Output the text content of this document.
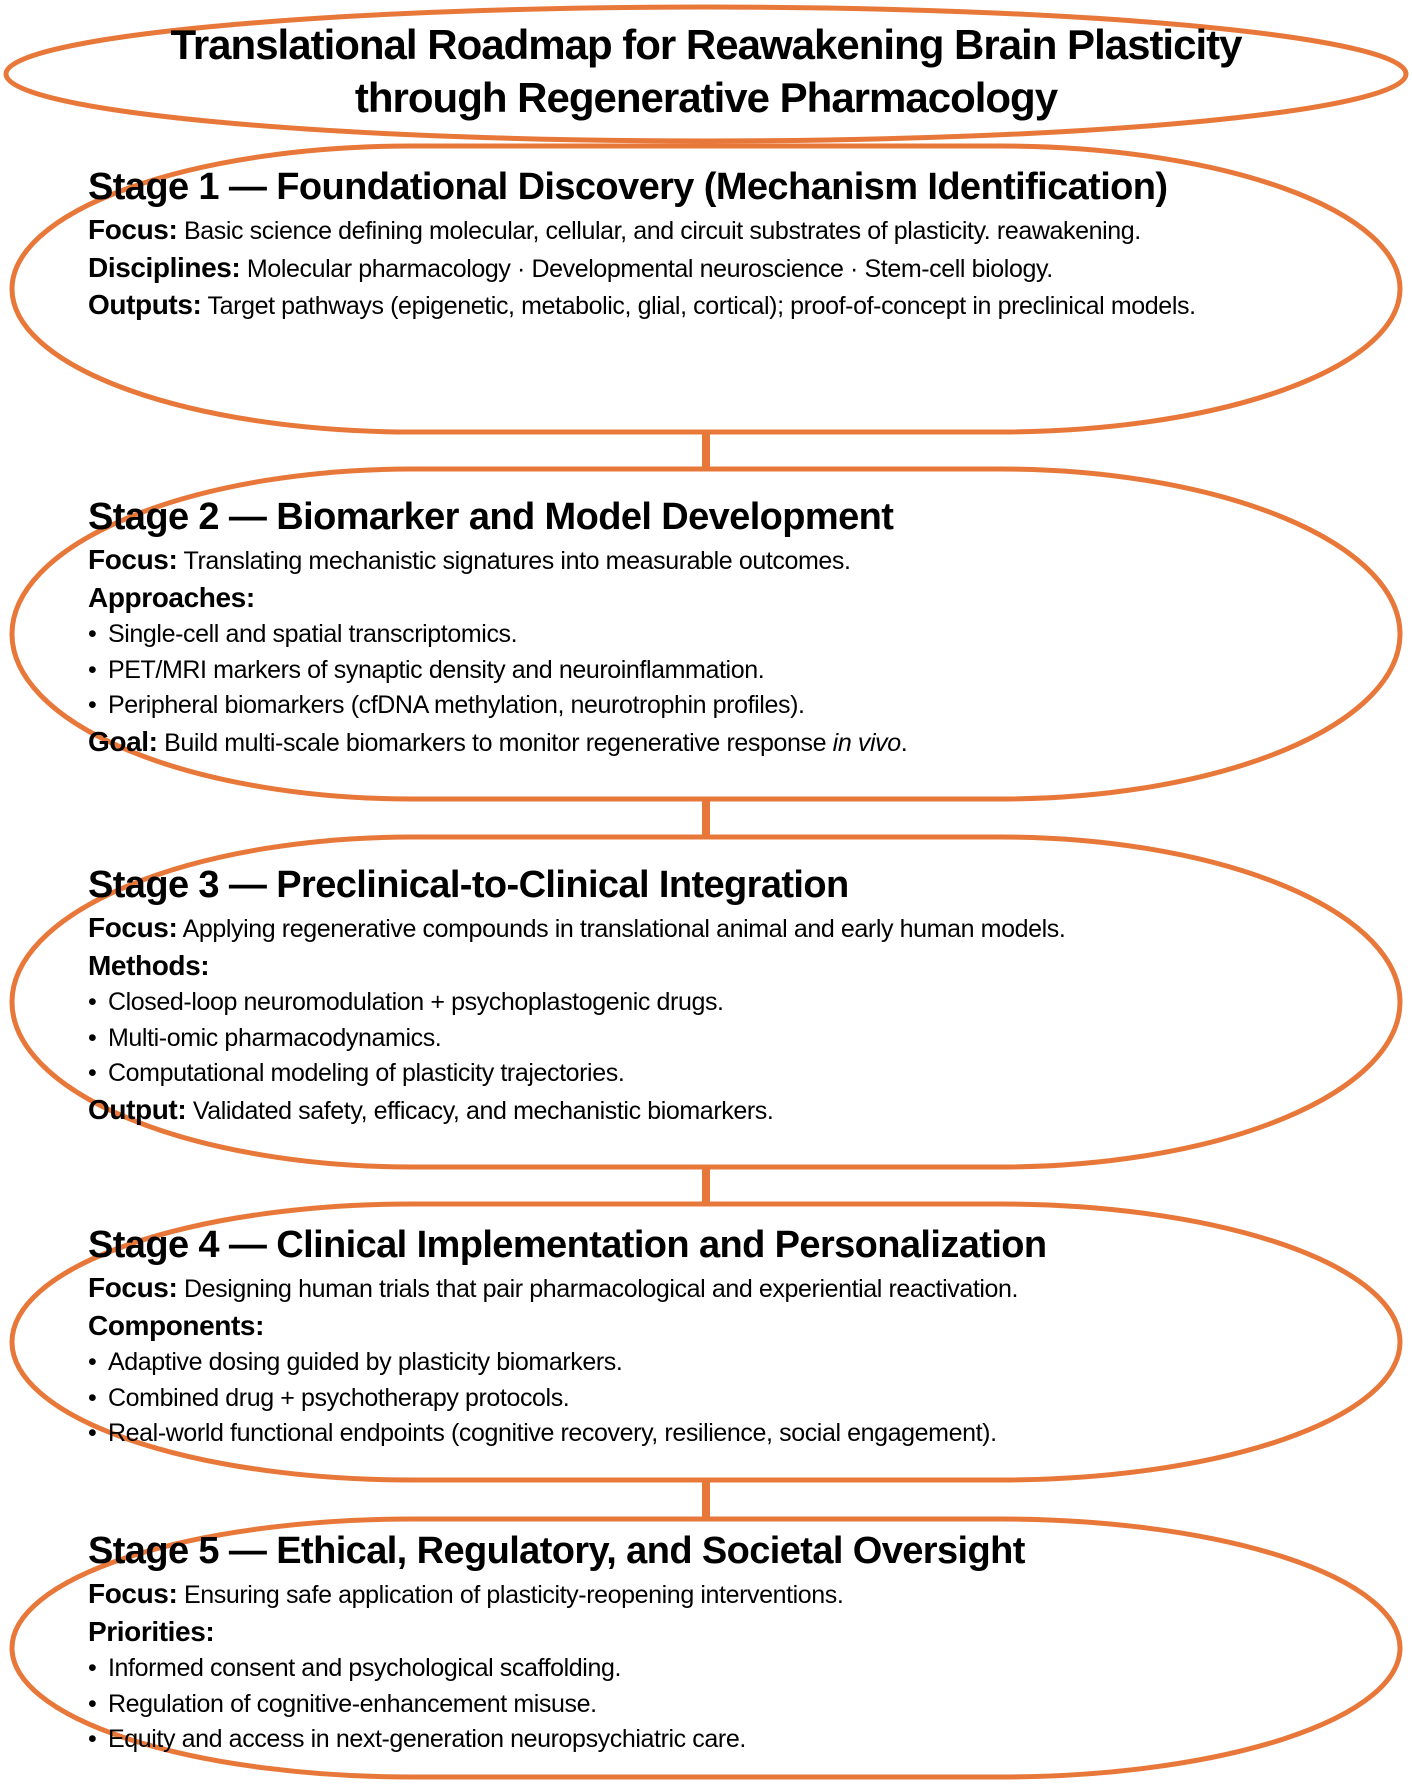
Translational Roadmap for Reawakening Brain Plasticity
through Regenerative Pharmacology
Stage 1 — Foundational Discovery (Mechanism Identification)
Focus: Basic science defining molecular, cellular, and circuit substrates of plasticity. reawakening.
Disciplines: Molecular pharmacology · Developmental neuroscience · Stem-cell biology.
Outputs: Target pathways (epigenetic, metabolic, glial, cortical); proof-of-concept in preclinical models.
Stage 2 — Biomarker and Model Development
Focus: Translating mechanistic signatures into measurable outcomes.
Approaches:
• Single-cell and spatial transcriptomics.
• PET/MRI markers of synaptic density and neuroinflammation.
• Peripheral biomarkers (cfDNA methylation, neurotrophin profiles).
Goal: Build multi-scale biomarkers to monitor regenerative response in vivo.
Stage 3 — Preclinical-to-Clinical Integration
Focus: Applying regenerative compounds in translational animal and early human models.
Methods:
• Closed-loop neuromodulation + psychoplastogenic drugs.
• Multi-omic pharmacodynamics.
• Computational modeling of plasticity trajectories.
Output: Validated safety, efficacy, and mechanistic biomarkers.
Stage 4 — Clinical Implementation and Personalization
Focus: Designing human trials that pair pharmacological and experiential reactivation.
Components:
• Adaptive dosing guided by plasticity biomarkers.
• Combined drug + psychotherapy protocols.
• Real-world functional endpoints (cognitive recovery, resilience, social engagement).
Stage 5 — Ethical, Regulatory, and Societal Oversight
Focus: Ensuring safe application of plasticity-reopening interventions.
Priorities:
• Informed consent and psychological scaffolding.
• Regulation of cognitive-enhancement misuse.
• Equity and access in next-generation neuropsychiatric care.
